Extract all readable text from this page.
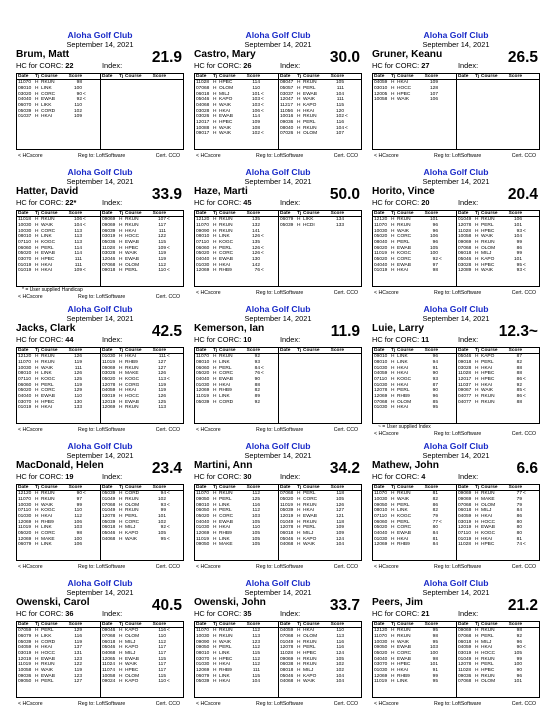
Aloha Golf Club
September 14, 2021
Brum, Matt
HC for CORC: 22	Index: 21.9
Date	Tj Course	Score
11070 H RKUN	98
08010 H LINK	100
03020 H CORC	90 <
04040 H EWAB	92 <
06070 H LIKK	110
05039 H CORD	102
01037 H HKAI	109
Date	Tj Course	Score
< HCscore	Reg to: LoftSoftware	Cert. CCO
Aloha Golf Club
September 14, 2021
Castro, Mary
HC for CORC: 26	Index: 30.0
Date	Tj Course	Score
11028 H HPBC	114
07068 H OLOM	110
06018 H MILJ	101 <
05046 H KAPO	103 <
04068 H WAIK	103 <
03028 H HKAI	106 <
03026 H EWAB	114
12017 H HPBC	109
10088 H WAIK	108
09017 H WAIK	102 <
Date	Tj Course	Score
08047 H RKUN	105
05057 H PERL	111
03037 H EWAB	104
12047 H WAIK	111
11217 H KAPO	115
11056 H HKAI	120
10016 H RKUN	102 <
09036 H PERL	116
08040 H RKUN	104 <
07026 H OLOM	107
< HCscore	Reg to: LoftSoftware	Cert. CCO
Aloha Golf Club
September 14, 2021
Gruner, Keanu
HC for CORC: 27	Index: 26.5
Date	Tj Course	Score
04059 H HKAI	109
03010 H HOCC	128
12005 H HPBC	107
10058 H WAIK	106
Date	Tj Course	Score
< HCscore	Reg to: LoftSoftware	Cert. CCO
Aloha Golf Club
September 14, 2021
Hatter, David
HC for CORC: 22*	Index: 33.9
Date	Tj Course	Score
11018 H RKUN	106 <
10030 H WAIK	104 <
10030 H CORC	113
08010 H LINK	113
07110 H KOGC	113
06060 H PERL	114
05020 H EWAB	114
03070 H HPBC	111
01019 H HKAI	111
01019 H HKAI	109 <
Date	Tj Course	Score
09069 H RKUN	107 <
09069 H RKUN	117
06039 H HKAI	111
03019 H HOCC	122
05036 H EWAB	115
11028 H HPBC	109 <
03028 H WAIK	119
12046 H EWAB	119
07068 H OLOM	112
09018 H PERL	110 <
* = User supplied Handicap
< HCscore	Reg to: LoftSoftware	Cert. CCO
Aloha Golf Club
September 14, 2021
Haze, Marti
HC for CORC: 45	Index: 50.0
Date	Tj Course	Score
12120 H RKUN	135
11070 H RKUN	132
09090 H RKUN	141
08010 H LINK	126 <
07110 H KOGC	135
06060 H PERL	126 <
05020 H CORC	126 <
04040 H EWAB	130
01030 H HKAI	142
12069 H RHB9	76 <
Date	Tj Course	Score
06079 H LIKK	134
05039 H HCDI	133
< HCscore	Reg to: LoftSoftware	Cert. CCO
Aloha Golf Club
September 14, 2021
Horito, Vince
HC for CORC: 20	Index: 20.4
Date	Tj Course	Score
12120 H RKUN	101
11070 H RKUN	96
10030 H WAIK	96
05020 H CORC	106
08040 H PERL	96
06020 H EWAB	105
11019 H KOGC	100
05020 H CORC	92 <
04040 H EWAB	97
01019 H HKAI	98
Date	Tj Course	Score
01049 H RKUN	106
12078 H PERL	101
11028 H HPBC	93 <
10058 H WAIK	104
09069 H RKUN	99
07068 H OLOM	86
06018 H MILJ	99
05046 H KAPO	101
03028 H HPBC	95 <
12089 H WAIK	93 <
< HCscore	Reg to: LoftSoftware	Cert. CCO
Aloha Golf Club
September 14, 2021
Jacks, Clark
HC for CORC: 44	Index: 42.5
Date	Tj Course	Score
12120 H RKUN	126
11070 H RKUN	119
10030 H WAIK	111
08010 H LINK	126
07110 H KOGC	125
06060 H PERL	119
05020 H CORC	129
04040 H EWAB	110
03070 H HPBC	130
01019 H HKAI	133
Date	Tj Course	Score
01030 H HKAI	111 <
11019 H RHB9	127
09069 H RKUN	127
03026 H MAKE	126
05020 H KOGC	113 <
12078 H CORG	119
04059 H HKAI	119
03019 H HOCC	126
12019 H EWAB	125
12069 H RKUN	113
< HCscore	Reg to: LoftSoftware	Cert. CCO
Aloha Golf Club
September 14, 2021
Kemerson, Ian
HC for CORC: 10	Index: 11.9
Date	Tj Course	Score
11070 H RKUN	92
08010 H LINK	93
06060 H PERL	84 <
05020 H CORC	76 <
04040 H EWAB	90
01030 H HKAI	88
12069 H RHB9	82
11019 H LINK	89
05039 H CORD	92
Date	Tj Course	Score
< HCscore	Reg to: LoftSoftware	Cert. CCO
Aloha Golf Club
September 14, 2021
Luie, Larry
HC for CORC: 11	Index: 12.3~
Date	Tj Course	Score
09010 H LINK	96
08010 H LINK	94
01030 H HKAI	91
04059 H HKAI	90
07110 H KOGC	93
01030 H HKAI	87
12078 H PERL	90
12069 H RHB9	96
07068 H OLOM	85
01030 H HKAI	95
Date	Tj Course	Score
05046 H KAPO	87
09018 H PERL	82
03028 H HKAI	88
11028 H HPBC	88
12017 H HPBC	86 <
11037 H HKAI	92
09067 H WAIK	85 <
04077 H RKUN	86 <
04077 H RKUN	88
~ = User supplied Index
< HCscore	Reg to: LoftSoftware	Cert. CCO
Aloha Golf Club
September 14, 2021
MacDonald, Helen
HC for CORC: 19	Index: 23.4
Date	Tj Course	Score
12120 H RKUN	90 <
11070 H RKUN	97
10030 H WAIK	99
07110 H KOGC	110
01030 H HKAI	112
12069 H RHB9	106
11019 H LINK	103
05020 H CORC	98
12069 H MAKE	100
06079 H LINK	106
Date	Tj Course	Score
05039 H CORD	94 <
01049 H RKUN	102
07068 H OLOM	93 <
01049 H RKUN	99
12078 H PERL	101
05039 H CORC	102
06018 H MILJ	92 <
05046 H KAPO	105
04068 H WAIK	95 <
< HCscore	Reg to: LoftSoftware	Cert. CCO
Aloha Golf Club
September 14, 2021
Martini, Ann
HC for CORC: 30	Index: 34.2
Date	Tj Course	Score
11070 H RKUN	112
09050 H PERL	125
08010 H LINK	116
06050 H PERL	112
05020 H CORC	103
04040 H EWAB	105
01030 H HKAI	110
12069 H RHB9	105
11019 H LINK	105
09050 H MAKE	105
Date	Tj Course	Score
07068 H PERL	118
05020 H CORC	105
11019 H RKUN	126
05039 H HKAI	127
12019 H EWAB	121
01049 H RKUN	118
12078 H PERL	109
06018 H MILJ	109
05046 H KAPO	124
04068 H WAIK	104
< HCscore	Reg to: LoftSoftware	Cert. CCO
Aloha Golf Club
September 14, 2021
Mathew, John
HC for CORC: 4	Index: 6.6
Date	Tj Course	Score
11070 H RKUN	81
10030 H WAIK	82
09050 H PERL	86
08010 H LINK	82
07110 H KOGC	79
06060 H PERL	77 <
05020 H CORC	80
04040 H EWAB	84
01030 H HKAI	81
12069 H RHB9	84
Date	Tj Course	Score
09069 H RKUN	77 <
09069 H MAKE	79
07068 H OLOM	79
06018 H MILJ	84
04059 H HKAI	86
03019 H HOCC	80
12019 H EWAB	80
07110 H KOGC	80
01019 H HKAI	81
11028 H HPBC	74 <
< HCscore	Reg to: LoftSoftware	Cert. CCO
Aloha Golf Club
September 14, 2021
Owenski, Carol
HC for CORC: 36	Index: 40.5
Date	Tj Course	Score
07059 H PERL	129
06079 H LIKK	116
05039 H CORD	119
04059 H HKAI	137
03019 H HOCC	131
12019 H EWAB	123
11019 H RKUN	122
10058 H WAIK	119
09036 H EWAB	123
09050 H PERL	127
Date	Tj Course	Score
09046 H KAPO	116 <
07068 H OLOM	110
06018 H MILJ	112
05046 H KAPO	117
04068 H MILJ	117
12065 H EWAB	115
11024 H WAIK	117
11074 H HPBC	117
10058 H OLOM	115
09024 H KAPO	110 <
< HCscore	Reg to: LoftSoftware	Cert. CCO
Aloha Golf Club
September 14, 2021
Owenski, John
HC for CORC: 35	Index: 33.7
Date	Tj Course	Score
11070 H RKUN	112
10030 H RKUN	113
09090 H WAIK	123
09050 H PERL	112
08010 H LINK	115
03070 H HPBC	112
01030 H HKAI	112
12069 H RHB9	111
06079 H LINK	115
05039 H HKAI	104
Date	Tj Course	Score
04059 H HKAI	110
07068 H OLOM	113
01049 H RKUN	116
12078 H PERL	116
11028 H HPBC	124
09069 H RKUN	105
06038 H RKUN	102
08018 H MILJ	102
05046 H KAPO	104
04068 H WAIK	104
< HCscore	Reg to: LoftSoftware	Cert. CCO
Aloha Golf Club
September 14, 2021
Peers, Jim
HC for CORC: 21	Index: 21.2
Date	Tj Course	Score
12120 H RKUN	95
11070 H RKUN	98
10030 H WAIK	95
09050 H EWAB	103
05020 H CORC	100
04040 H EWAB	98
03070 H HPBC	101
01030 H HKAI	91
12069 H RHB9	99
11019 H LINK	95
Date	Tj Course	Score
09069 H RKUN	98
07068 H PERL	92
06018 H MILJ	96
04059 H HKAI	90 <
03019 H HOCC	105
01049 H RKUN	99
12078 H PERL	100
11028 H HPBC	90
09036 H RKUN	96
07068 H OLOM	101
< HCscore	Reg to: LoftSoftware	Cert. CCO
